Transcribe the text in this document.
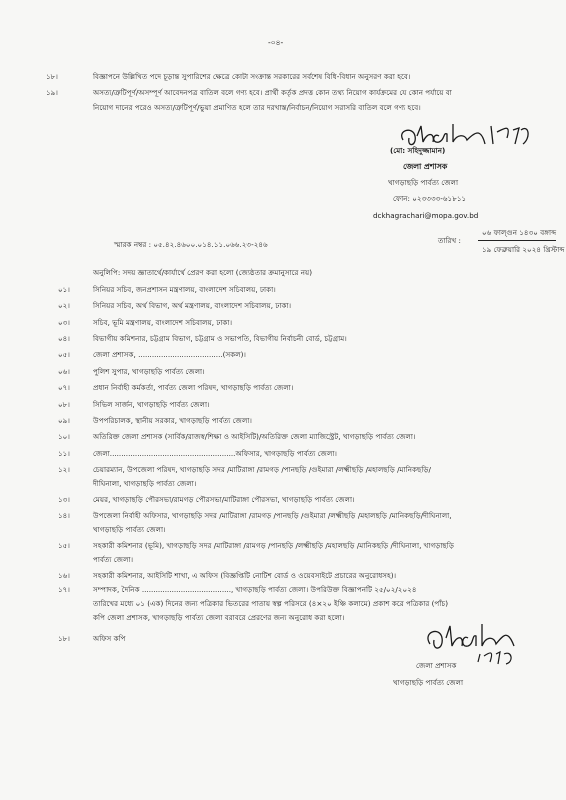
-০৪-
১৮।	বিজ্ঞাপনে উল্লিখিত পদে চূড়ান্ত সুপারিশের ক্ষেত্রে কোটা সংক্রান্ত সরকারের সর্বশেষ বিধি-বিধান অনুসরণ করা হবে।
১৯।	অসত্য/ত্রুটিপূর্ণ/অসম্পূর্ণ আবেদনপত্র বাতিল বলে গণ্য হবে। প্রার্থী কর্তৃক প্রদত্ত কোন তথ্য নিয়োগ কার্যক্রমের যে কোন পর্যায়ে বা
নিয়োগ দানের পরেও অসত্য/ত্রুটিপূর্ণ/ভুয়া প্রমাণিত হলে তার দরখাস্ত/নির্বাচন/নিয়োগ সরাসরি বাতিল বলে গণ্য হবে।
(মো: সহিদুজ্জামান)
জেলা প্রশাসক
খাগড়াছড়ি পার্বত্য জেলা
ফোন: ০২৩৩৩৩-৬১৮১১
dckhagrachari@mopa.gov.bd
স্মারক নম্বর : ০৫.৪২.৪৬০০.০১৪.১১.০৬৬.২৩-২৪৬	তারিখ :
০৬ ফাল্গুন ১৪৩০ বঙ্গাব্দ
১৯ ফেব্রুয়ারি ২০২৪ খ্রিস্টাব্দ
অনুলিপি: সদয় জ্ঞাতার্থে/কার্যার্থে প্রেরণ করা হলো (জ্যেষ্ঠতার ক্রমানুসারে নয়)
০১।	সিনিয়র সচিব, জনপ্রশাসন মন্ত্রণালয়, বাংলাদেশ সচিবালয়, ঢাকা।
০২।	সিনিয়র সচিব, অর্থ বিভাগ, অর্থ মন্ত্রণালয়, বাংলাদেশ সচিবালয়, ঢাকা।
০৩।	সচিব, ভূমি মন্ত্রণালয়, বাংলাদেশ সচিবালয়, ঢাকা।
০৪।	বিভাগীয় কমিশনার, চট্টগ্রাম বিভাগ, চট্টগ্রাম ও সভাপতি, বিভাগীয় নির্বাচনী বোর্ড, চট্টগ্রাম।
০৫।	জেলা প্রশাসক, .....................................(সকল)।
০৬।	পুলিশ সুপার, খাগড়াছড়ি পার্বত্য জেলা।
০৭।	প্রধান নির্বাহী কর্মকর্তা, পার্বত্য জেলা পরিষদ, খাগড়াছড়ি পার্বত্য জেলা।
০৮।	সিভিল সার্জন, খাগড়াছড়ি পার্বত্য জেলা।
০৯।	উপপরিচালক, স্থানীয় সরকার, খাগড়াছড়ি পার্বত্য জেলা।
১০।	অতিরিক্ত জেলা প্রশাসক (সার্বিক/রাজস্ব/শিক্ষা ও আইসিটি)/অতিরিক্ত জেলা ম্যাজিস্ট্রেট, খাগড়াছড়ি পার্বত্য জেলা।
১১।	জেলা.......................................................অফিসার, খাগড়াছড়ি পার্বত্য জেলা।
১২।	চেয়ারম্যান, উপজেলা পরিষদ, খাগড়াছড়ি সদর /মাটিরাঙ্গা /রামগড় /পানছড়ি /গুইমারা /লক্ষ্মীছড়ি /মহালছড়ি /মানিকছড়ি/
দীঘিনালা, খাগড়াছড়ি পার্বত্য জেলা।
১৩।	মেয়র, খাগড়াছড়ি পৌরসভা/রামগড় পৌরসভা/মাটিরাঙ্গা পৌরসভা, খাগড়াছড়ি পার্বত্য জেলা।
১৪।	উপজেলা নির্বাহী অফিসার, খাগড়াছড়ি সদর /মাটিরাঙ্গা /রামগড় /পানছড়ি /গুইমারা /লক্ষ্মীছড়ি /মহালছড়ি /মানিকছড়ি/দীঘিনালা,
খাগড়াছড়ি পার্বত্য জেলা।
১৫।	সহকারী কমিশনার (ভূমি), খাগড়াছড়ি সদর /মাটিরাঙ্গা /রামগড় /পানছড়ি /লক্ষ্মীছড়ি /মহালছড়ি /মানিকছড়ি /দীঘিনালা, খাগড়াছড়ি
পার্বত্য জেলা।
১৬।	সহকারী কমিশনার, আইসিটি শাখা, এ অফিস (বিজ্ঞপ্তিটি নোটিশ বোর্ড ও ওয়েবসাইটে প্রচারের অনুরোধসহ)।
১৭।	সম্পাদক, দৈনিক ......................................., খাগড়াছড়ি পার্বত্য জেলা। উপরিউক্ত বিজ্ঞাপনটি ২৫/০২/২০২৪
তারিখের মধ্যে ০১ (এক) দিনের জন্য পত্রিকার ভিতরের পাতায় স্বল্প পরিসরে (৪×২০ ইঞ্চি কলামে) প্রকাশ করে পত্রিকার (পাঁচ)
কপি জেলা প্রশাসক, খাগড়াছড়ি পার্বত্য জেলা বরাবরে প্রেরণের জন্য অনুরোধ করা হলো।
১৮।	অফিস কপি
জেলা প্রশাসক
খাগড়াছড়ি পার্বত্য জেলা
